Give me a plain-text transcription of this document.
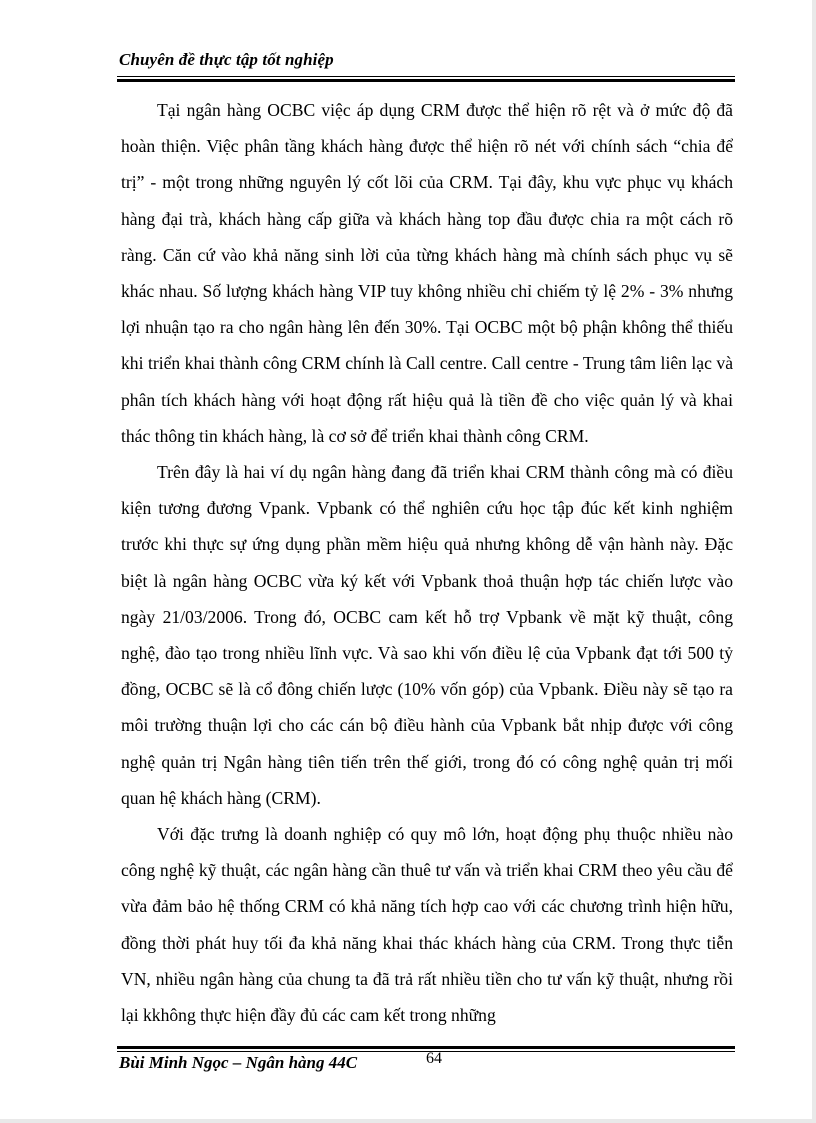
Chuyên đề thực tập tốt nghiệp

Tại ngân hàng OCBC việc áp dụng CRM được thể hiện rõ rệt và ở mức độ đã hoàn thiện. Việc phân tầng khách hàng được thể hiện rõ nét với chính sách “chia để trị” - một trong những nguyên lý cốt lõi của CRM. Tại đây, khu vực phục vụ khách hàng đại trà, khách hàng cấp giữa và khách hàng top đầu được chia ra một cách rõ ràng. Căn cứ vào khả năng sinh lời của từng khách hàng mà chính sách phục vụ sẽ khác nhau. Số lượng khách hàng VIP tuy không nhiều chỉ chiếm tỷ lệ 2% - 3% nhưng lợi nhuận tạo ra cho ngân hàng lên đến 30%. Tại OCBC một bộ phận không thể thiếu khi triển khai thành công CRM chính là Call centre. Call centre - Trung tâm liên lạc và phân tích khách hàng với hoạt động rất hiệu quả là tiền đề cho việc quản lý và khai thác thông tin khách hàng, là cơ sở để triển khai thành công CRM.

Trên đây là hai ví dụ ngân hàng đang đã triển khai CRM thành công mà có điều kiện tương đương Vpank. Vpbank có thể nghiên cứu học tập đúc kết kinh nghiệm trước khi thực sự ứng dụng phần mềm hiệu quả nhưng không dễ vận hành này. Đặc biệt là ngân hàng OCBC vừa ký kết với Vpbank thoả thuận hợp tác chiến lược vào ngày 21/03/2006. Trong đó, OCBC cam kết hỗ trợ Vpbank về mặt kỹ thuật, công nghệ, đào tạo trong nhiều lĩnh vực. Và sao khi vốn điều lệ của Vpbank đạt tới 500 tỷ đồng, OCBC sẽ là cổ đông chiến lược (10% vốn góp) của Vpbank. Điều này sẽ tạo ra môi trường thuận lợi cho các cán bộ điều hành của Vpbank bắt nhịp được với công nghệ quản trị Ngân hàng tiên tiến trên thế giới, trong đó có công nghệ quản trị mối quan hệ khách hàng (CRM).

Với đặc trưng là doanh nghiệp có quy mô lớn, hoạt động phụ thuộc nhiều nào công nghệ kỹ thuật, các ngân hàng cần thuê tư vấn và triển khai CRM theo yêu cầu để vừa đảm bảo hệ thống CRM có khả năng tích hợp cao với các chương trình hiện hữu, đồng thời phát huy tối đa khả năng khai thác khách hàng của CRM. Trong thực tiễn VN, nhiều ngân hàng của chung ta đã trả rất nhiều tiền cho tư vấn kỹ thuật, nhưng rồi lại kkhông thực hiện đầy đủ các cam kết trong những

Bùi Minh Ngọc – Ngân hàng 44C	64
